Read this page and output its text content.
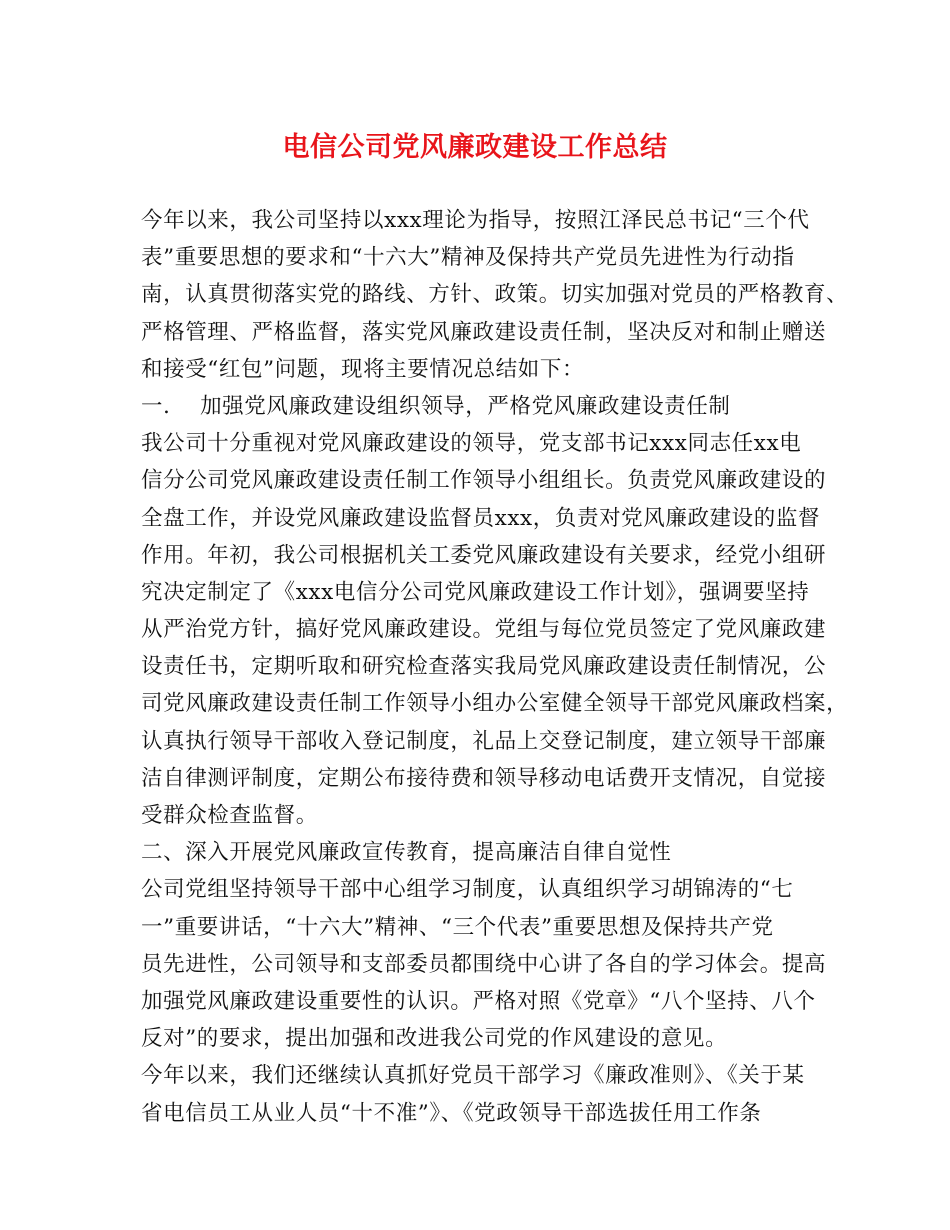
电信公司党风廉政建设工作总结
今年以来，我公司坚持以xxx理论为指导，按照江泽民总书记“三个代
表”重要思想的要求和“十六大”精神及保持共产党员先进性为行动指
南，认真贯彻落实党的路线、方针、政策。切实加强对党员的严格教育、
严格管理、严格监督，落实党风廉政建设责任制，坚决反对和制止赠送
和接受“红包”问题，现将主要情况总结如下：
一．  加强党风廉政建设组织领导，严格党风廉政建设责任制
我公司十分重视对党风廉政建设的领导，党支部书记xxx同志任xx电
信分公司党风廉政建设责任制工作领导小组组长。负责党风廉政建设的
全盘工作，并设党风廉政建设监督员xxx，负责对党风廉政建设的监督
作用。年初，我公司根据机关工委党风廉政建设有关要求，经党小组研
究决定制定了《xxx电信分公司党风廉政建设工作计划》，强调要坚持
从严治党方针，搞好党风廉政建设。党组与每位党员签定了党风廉政建
设责任书，定期听取和研究检查落实我局党风廉政建设责任制情况，公
司党风廉政建设责任制工作领导小组办公室健全领导干部党风廉政档案，
认真执行领导干部收入登记制度，礼品上交登记制度，建立领导干部廉
洁自律测评制度，定期公布接待费和领导移动电话费开支情况，自觉接
受群众检查监督。
二、深入开展党风廉政宣传教育，提高廉洁自律自觉性
公司党组坚持领导干部中心组学习制度，认真组织学习胡锦涛的“七
一”重要讲话，“十六大”精神、“三个代表”重要思想及保持共产党
员先进性，公司领导和支部委员都围绕中心讲了各自的学习体会。提高
加强党风廉政建设重要性的认识。严格对照《党章》“八个坚持、八个
反对”的要求，提出加强和改进我公司党的作风建设的意见。
今年以来，我们还继续认真抓好党员干部学习《廉政准则》、《关于某
省电信员工从业人员“十不准”》、《党政领导干部选拔任用工作条
